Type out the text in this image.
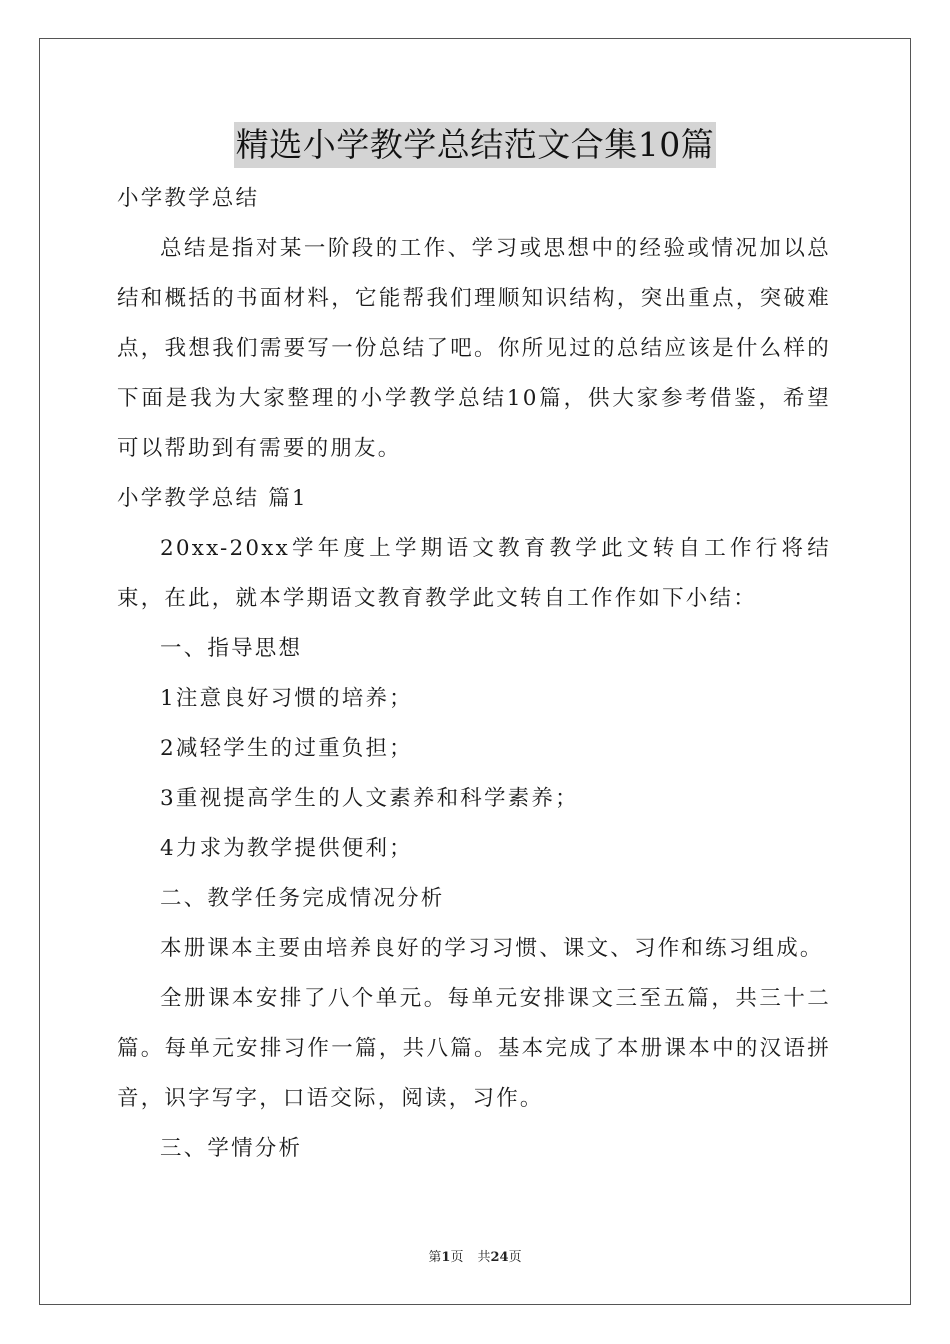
精选小学教学总结范文合集10篇

小学教学总结

总结是指对某一阶段的工作、学习或思想中的经验或情况加以总结和概括的书面材料，它能帮我们理顺知识结构，突出重点，突破难点，我想我们需要写一份总结了吧。你所见过的总结应该是什么样的下面是我为大家整理的小学教学总结10篇，供大家参考借鉴，希望可以帮助到有需要的朋友。

小学教学总结 篇1

20xx-20xx学年度上学期语文教育教学此文转自工作行将结束，在此，就本学期语文教育教学此文转自工作作如下小结：

一、指导思想

1注意良好习惯的培养；

2减轻学生的过重负担；

3重视提高学生的人文素养和科学素养；

4力求为教学提供便利；

二、教学任务完成情况分析

本册课本主要由培养良好的学习习惯、课文、习作和练习组成。

全册课本安排了八个单元。每单元安排课文三至五篇，共三十二篇。每单元安排习作一篇，共八篇。基本完成了本册课本中的汉语拼音，识字写字，口语交际，阅读，习作。

三、学情分析

第1页 共24页
